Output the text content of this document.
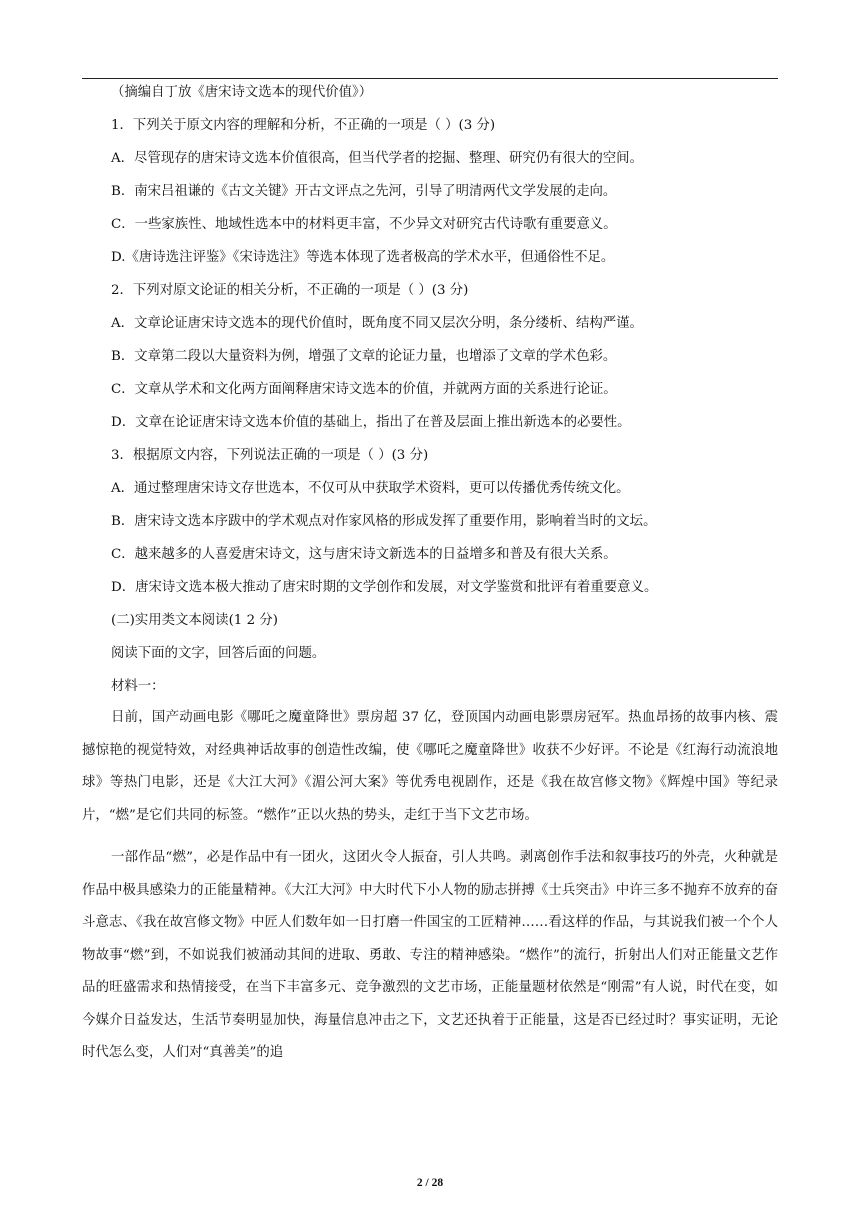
（摘编自丁放《唐宋诗文选本的现代价值》）
1．下列关于原文内容的理解和分析，不正确的一项是（ ）(3 分)
A．尽管现存的唐宋诗文选本价值很高，但当代学者的挖掘、整理、研究仍有很大的空间。
B．南宋吕祖谦的《古文关键》开古文评点之先河，引导了明清两代文学发展的走向。
C．一些家族性、地域性选本中的材料更丰富，不少异文对研究古代诗歌有重要意义。
D.《唐诗选注评鉴》《宋诗选注》等选本体现了选者极高的学术水平，但通俗性不足。
2．下列对原文论证的相关分析，不正确的一项是（ ）(3 分)
A．文章论证唐宋诗文选本的现代价值时，既角度不同又层次分明，条分缕析、结构严谨。
B．文章第二段以大量资料为例，增强了文章的论证力量，也增添了文章的学术色彩。
C．文章从学术和文化两方面阐释唐宋诗文选本的价值，并就两方面的关系进行论证。
D．文章在论证唐宋诗文选本价值的基础上，指出了在普及层面上推出新选本的必要性。
3．根据原文内容，下列说法正确的一项是（ ）(3 分)
A．通过整理唐宋诗文存世选本，不仅可从中获取学术资料，更可以传播优秀传统文化。
B．唐宋诗文选本序跋中的学术观点对作家风格的形成发挥了重要作用，影响着当时的文坛。
C．越来越多的人喜爱唐宋诗文，这与唐宋诗文新选本的日益增多和普及有很大关系。
D．唐宋诗文选本极大推动了唐宋时期的文学创作和发展，对文学鉴赏和批评有着重要意义。
(二)实用类文本阅读(1 2 分)
阅读下面的文字，回答后面的问题。
材料一：

日前，国产动画电影《哪吒之魔童降世》票房超 37 亿，登顶国内动画电影票房冠军。热血昂扬的故事内核、震撼惊艳的视觉特效，对经典神话故事的创造性改编，使《哪吒之魔童降世》收获不少好评。不论是《红海行动流浪地球》等热门电影，还是《大江大河》《湄公河大案》等优秀电视剧作，还是《我在故宫修文物》《辉煌中国》等纪录片，“燃”是它们共同的标签。“燃作”正以火热的势头，走红于当下文艺市场。

一部作品“燃”，必是作品中有一团火，这团火令人振奋，引人共鸣。剥离创作手法和叙事技巧的外壳，火种就是作品中极具感染力的正能量精神。《大江大河》中大时代下小人物的励志拼搏《士兵突击》中许三多不抛弃不放弃的奋斗意志、《我在故宫修文物》中匠人们数年如一日打磨一件国宝的工匠精神……看这样的作品，与其说我们被一个个人物故事“燃”到，不如说我们被涌动其间的进取、勇敢、专注的精神感染。“燃作”的流行，折射出人们对正能量文艺作品的旺盛需求和热情接受，在当下丰富多元、竞争激烈的文艺市场，正能量题材依然是“刚需”有人说，时代在变，如今媒介日益发达，生活节奏明显加快，海量信息冲击之下，文艺还执着于正能量，这是否已经过时？事实证明，无论时代怎么变，人们对“真善美”的追

2 / 28
